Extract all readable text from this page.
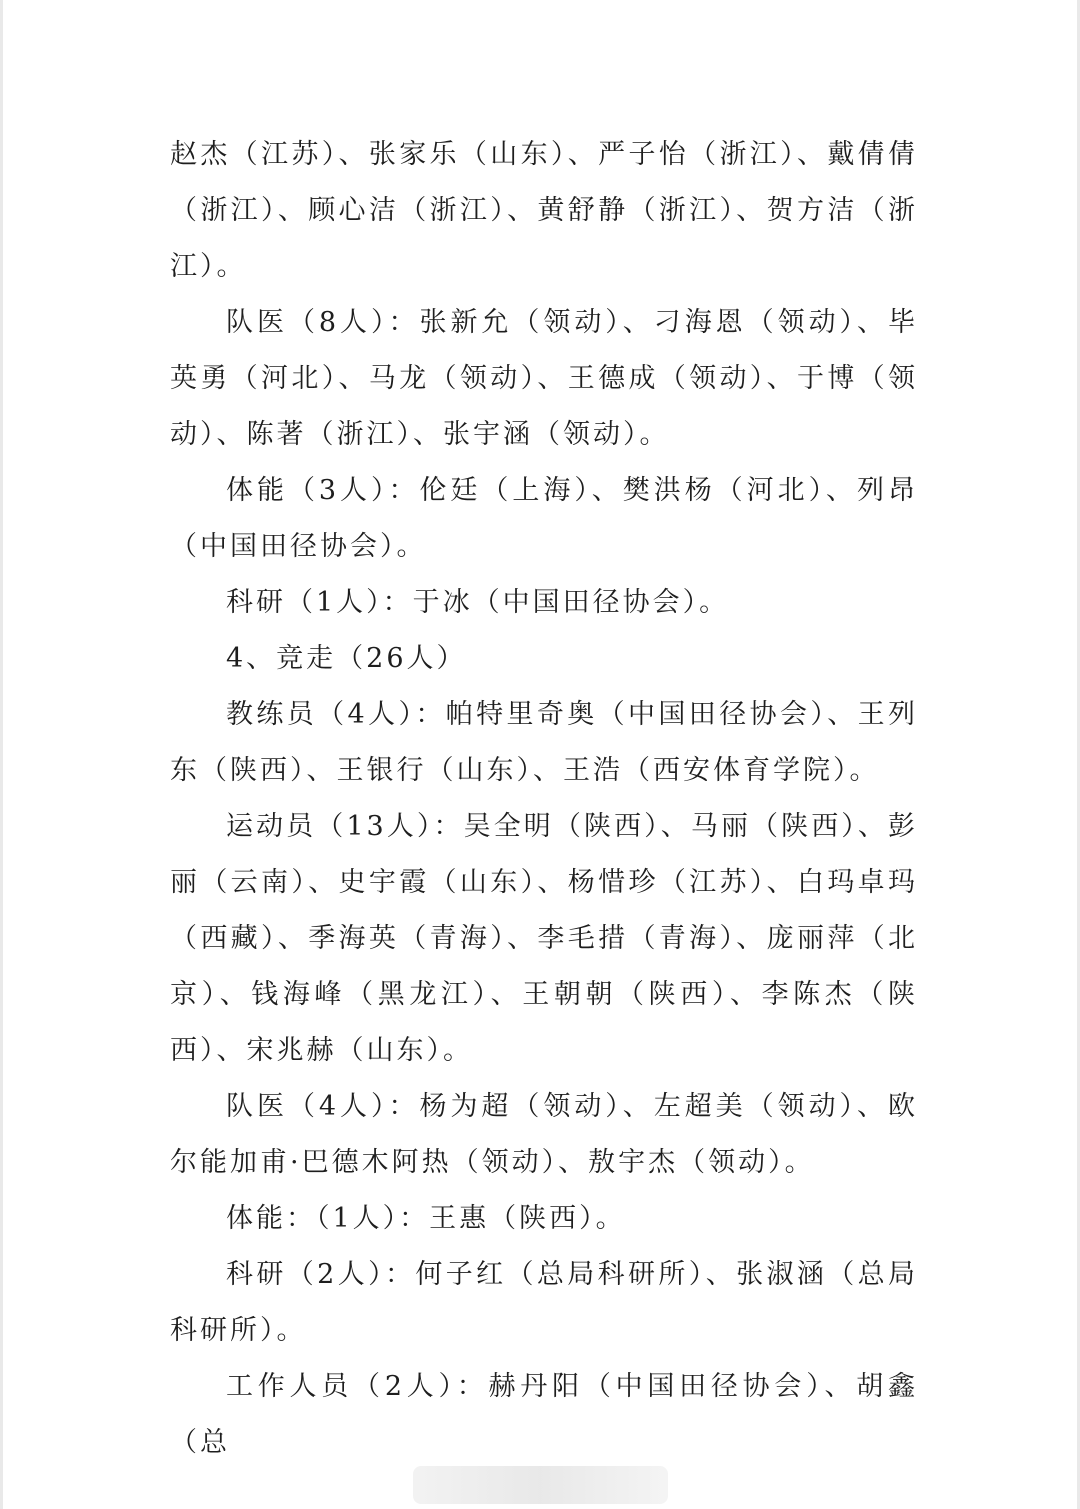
赵杰（江苏）、张家乐（山东）、严子怡（浙江）、戴倩倩（浙江）、顾心洁（浙江）、黄舒静（浙江）、贺方洁（浙江）。

队医（8人）：张新允（领动）、刁海恩（领动）、毕英勇（河北）、马龙（领动）、王德成（领动）、于博（领动）、陈著（浙江）、张宇涵（领动）。

体能（3人）：伦廷（上海）、樊洪杨（河北）、列昂（中国田径协会）。

科研（1人）：于冰（中国田径协会）。

4、竞走（26人）

教练员（4人）：帕特里奇奥（中国田径协会）、王列东（陕西）、王银行（山东）、王浩（西安体育学院）。

运动员（13人）：吴全明（陕西）、马丽（陕西）、彭丽（云南）、史宇霞（山东）、杨惜珍（江苏）、白玛卓玛（西藏）、季海英（青海）、李毛措（青海）、庞丽萍（北京）、钱海峰（黑龙江）、王朝朝（陕西）、李陈杰（陕西）、宋兆赫（山东）。

队医（4人）：杨为超（领动）、左超美（领动）、欧尔能加甫·巴德木阿热（领动）、敖宇杰（领动）。

体能：（1人）：王惠（陕西）。

科研（2人）：何子红（总局科研所）、张淑涵（总局科研所）。

工作人员（2人）：赫丹阳（中国田径协会）、胡鑫（总
